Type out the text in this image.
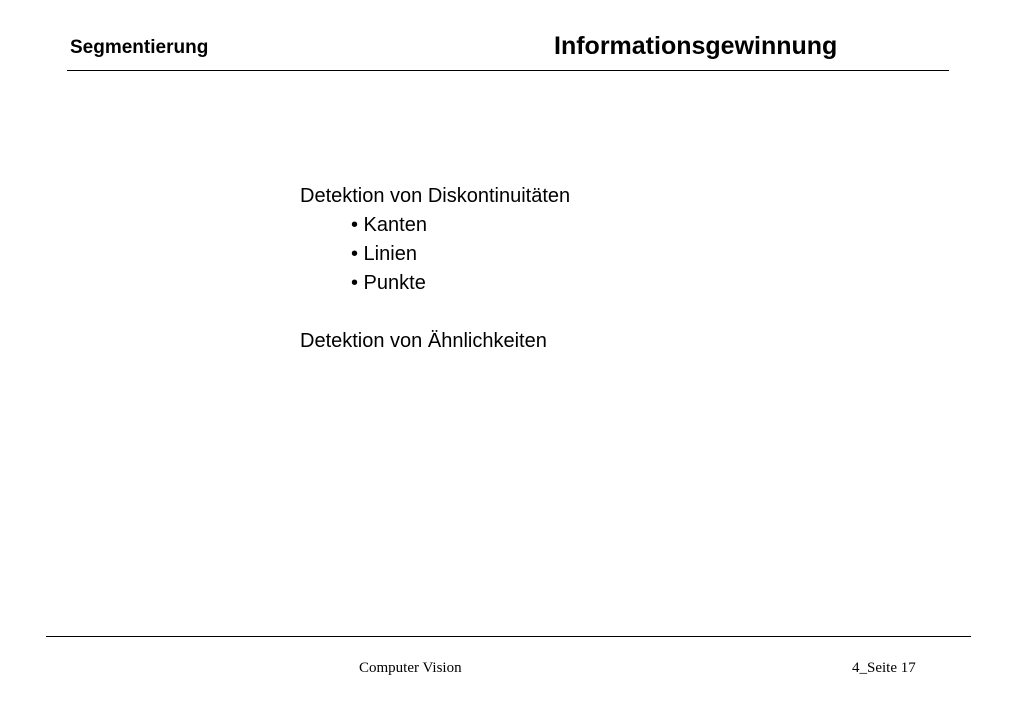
Segmentierung	Informationsgewinnung
Detektion von Diskontinuitäten
• Kanten
• Linien
• Punkte
Detektion von Ähnlichkeiten
Computer Vision	4_Seite 17
